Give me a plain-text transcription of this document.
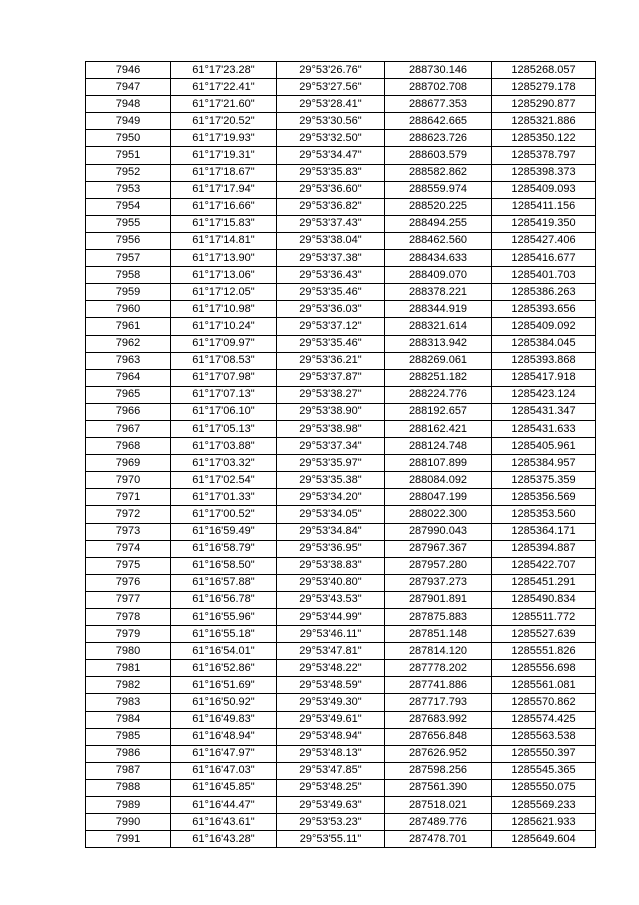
7946	61°17'23.28"	29°53'26.76"	288730.146	1285268.057
7947	61°17'22.41"	29°53'27.56"	288702.708	1285279.178
7948	61°17'21.60"	29°53'28.41"	288677.353	1285290.877
7949	61°17'20.52"	29°53'30.56"	288642.665	1285321.886
7950	61°17'19.93"	29°53'32.50"	288623.726	1285350.122
7951	61°17'19.31"	29°53'34.47"	288603.579	1285378.797
7952	61°17'18.67"	29°53'35.83"	288582.862	1285398.373
7953	61°17'17.94"	29°53'36.60"	288559.974	1285409.093
7954	61°17'16.66"	29°53'36.82"	288520.225	1285411.156
7955	61°17'15.83"	29°53'37.43"	288494.255	1285419.350
7956	61°17'14.81"	29°53'38.04"	288462.560	1285427.406
7957	61°17'13.90"	29°53'37.38"	288434.633	1285416.677
7958	61°17'13.06"	29°53'36.43"	288409.070	1285401.703
7959	61°17'12.05"	29°53'35.46"	288378.221	1285386.263
7960	61°17'10.98"	29°53'36.03"	288344.919	1285393.656
7961	61°17'10.24"	29°53'37.12"	288321.614	1285409.092
7962	61°17'09.97"	29°53'35.46"	288313.942	1285384.045
7963	61°17'08.53"	29°53'36.21"	288269.061	1285393.868
7964	61°17'07.98"	29°53'37.87"	288251.182	1285417.918
7965	61°17'07.13"	29°53'38.27"	288224.776	1285423.124
7966	61°17'06.10"	29°53'38.90"	288192.657	1285431.347
7967	61°17'05.13"	29°53'38.98"	288162.421	1285431.633
7968	61°17'03.88"	29°53'37.34"	288124.748	1285405.961
7969	61°17'03.32"	29°53'35.97"	288107.899	1285384.957
7970	61°17'02.54"	29°53'35.38"	288084.092	1285375.359
7971	61°17'01.33"	29°53'34.20"	288047.199	1285356.569
7972	61°17'00.52"	29°53'34.05"	288022.300	1285353.560
7973	61°16'59.49"	29°53'34.84"	287990.043	1285364.171
7974	61°16'58.79"	29°53'36.95"	287967.367	1285394.887
7975	61°16'58.50"	29°53'38.83"	287957.280	1285422.707
7976	61°16'57.88"	29°53'40.80"	287937.273	1285451.291
7977	61°16'56.78"	29°53'43.53"	287901.891	1285490.834
7978	61°16'55.96"	29°53'44.99"	287875.883	1285511.772
7979	61°16'55.18"	29°53'46.11"	287851.148	1285527.639
7980	61°16'54.01"	29°53'47.81"	287814.120	1285551.826
7981	61°16'52.86"	29°53'48.22"	287778.202	1285556.698
7982	61°16'51.69"	29°53'48.59"	287741.886	1285561.081
7983	61°16'50.92"	29°53'49.30"	287717.793	1285570.862
7984	61°16'49.83"	29°53'49.61"	287683.992	1285574.425
7985	61°16'48.94"	29°53'48.94"	287656.848	1285563.538
7986	61°16'47.97"	29°53'48.13"	287626.952	1285550.397
7987	61°16'47.03"	29°53'47.85"	287598.256	1285545.365
7988	61°16'45.85"	29°53'48.25"	287561.390	1285550.075
7989	61°16'44.47"	29°53'49.63"	287518.021	1285569.233
7990	61°16'43.61"	29°53'53.23"	287489.776	1285621.933
7991	61°16'43.28"	29°53'55.11"	287478.701	1285649.604
